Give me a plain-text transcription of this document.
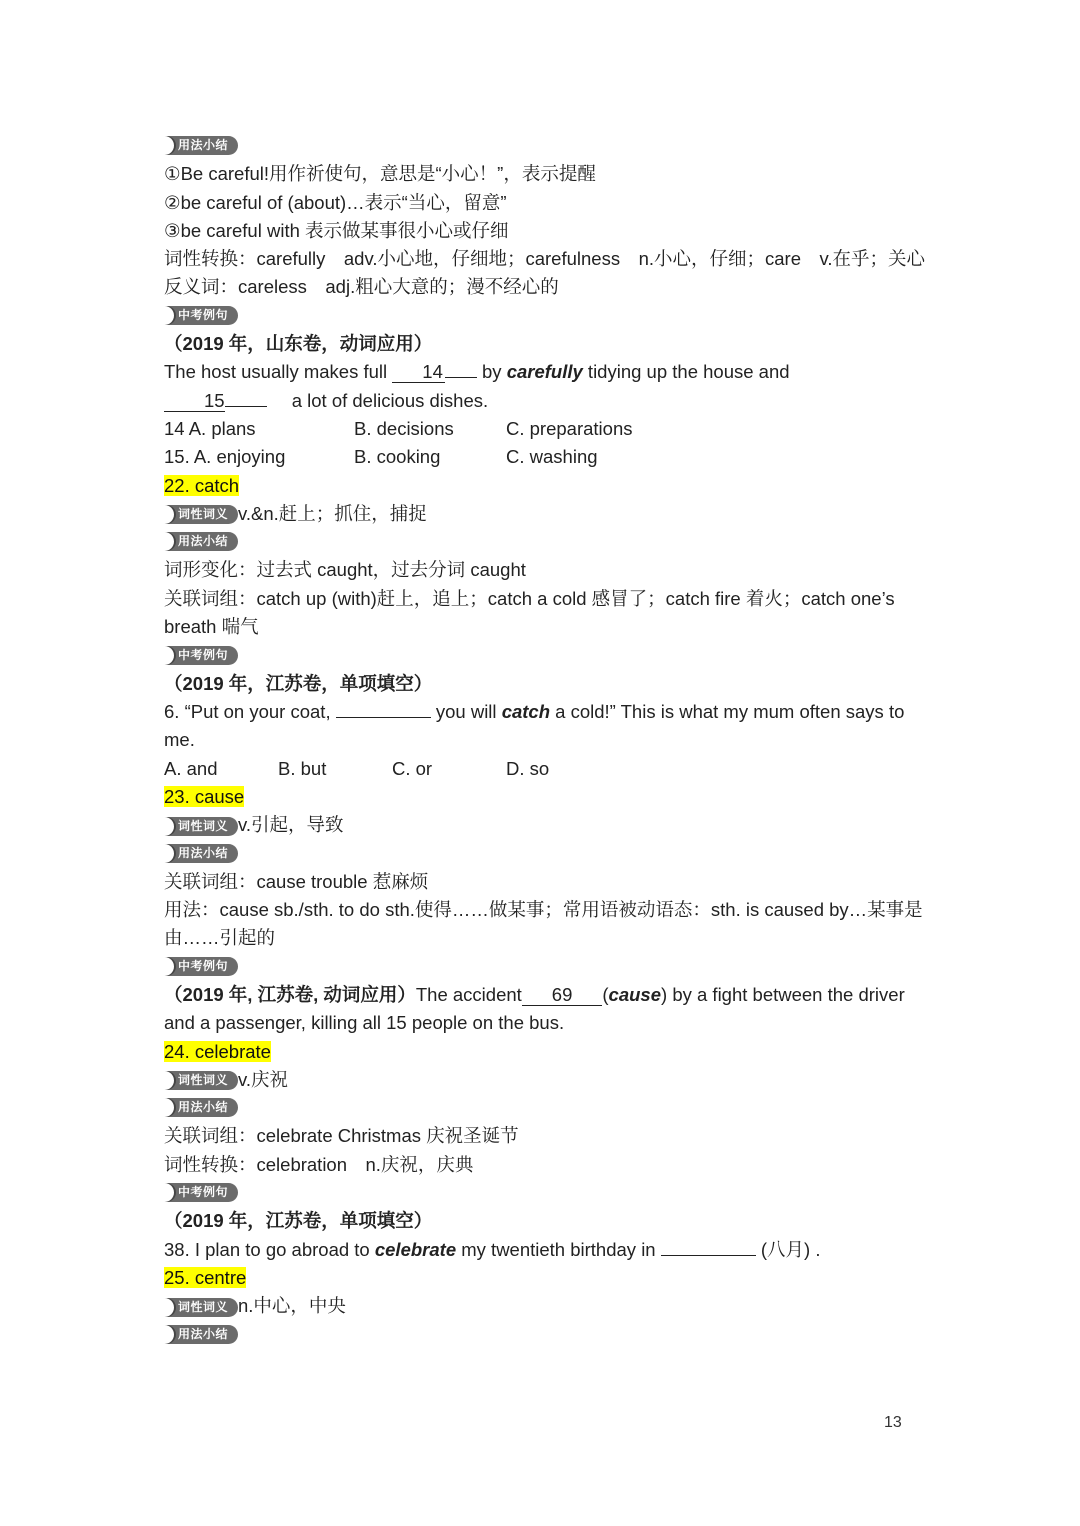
用法小结
①Be careful!用作祈使句，意思是“小心！”，表示提醒
②be careful of (about)…表示“当心，留意”
③be careful with 表示做某事很小心或仔细
词性转换：carefully　adv.小心地，仔细地；carefulness　n.小心，仔细；care　v.在乎；关心
反义词：careless　adj.粗心大意的；漫不经心的
中考例句
（2019 年，山东卷，动词应用）
The host usually makes full 14 by carefully tidying up the house and
15	a lot of delicious dishes.
14 A. plans	B. decisions	C. preparations
15. A. enjoying	B. cooking	C. washing
22. catch
词性词义 v.&n.赶上；抓住，捕捉
用法小结
词形变化：过去式 caught，过去分词 caught
关联词组：catch up (with)赶上，追上；catch a cold 感冒了；catch fire 着火；catch one’s breath 喘气
中考例句
（2019 年，江苏卷，单项填空）
6. “Put on your coat,	you will catch a cold!” This is what my mum often says to me.
A. and	B. but	C. or	D. so
23. cause
词性词义 v.引起，导致
用法小结
关联词组：cause trouble 惹麻烦
用法：cause sb./sth. to do sth.使得……做某事；常用语被动语态：sth. is caused by…某事是由……引起的
中考例句
（2019 年, 江苏卷, 动词应用）The accident 69 (cause) by a fight between the driver and a passenger, killing all 15 people on the bus.
24. celebrate
词性词义 v.庆祝
用法小结
关联词组：celebrate Christmas 庆祝圣诞节
词性转换：celebration　n.庆祝，庆典
中考例句
（2019 年，江苏卷，单项填空）
38. I plan to go abroad to celebrate my twentieth birthday in	(八月) .
25. centre
词性词义 n.中心，中央
用法小结
13
